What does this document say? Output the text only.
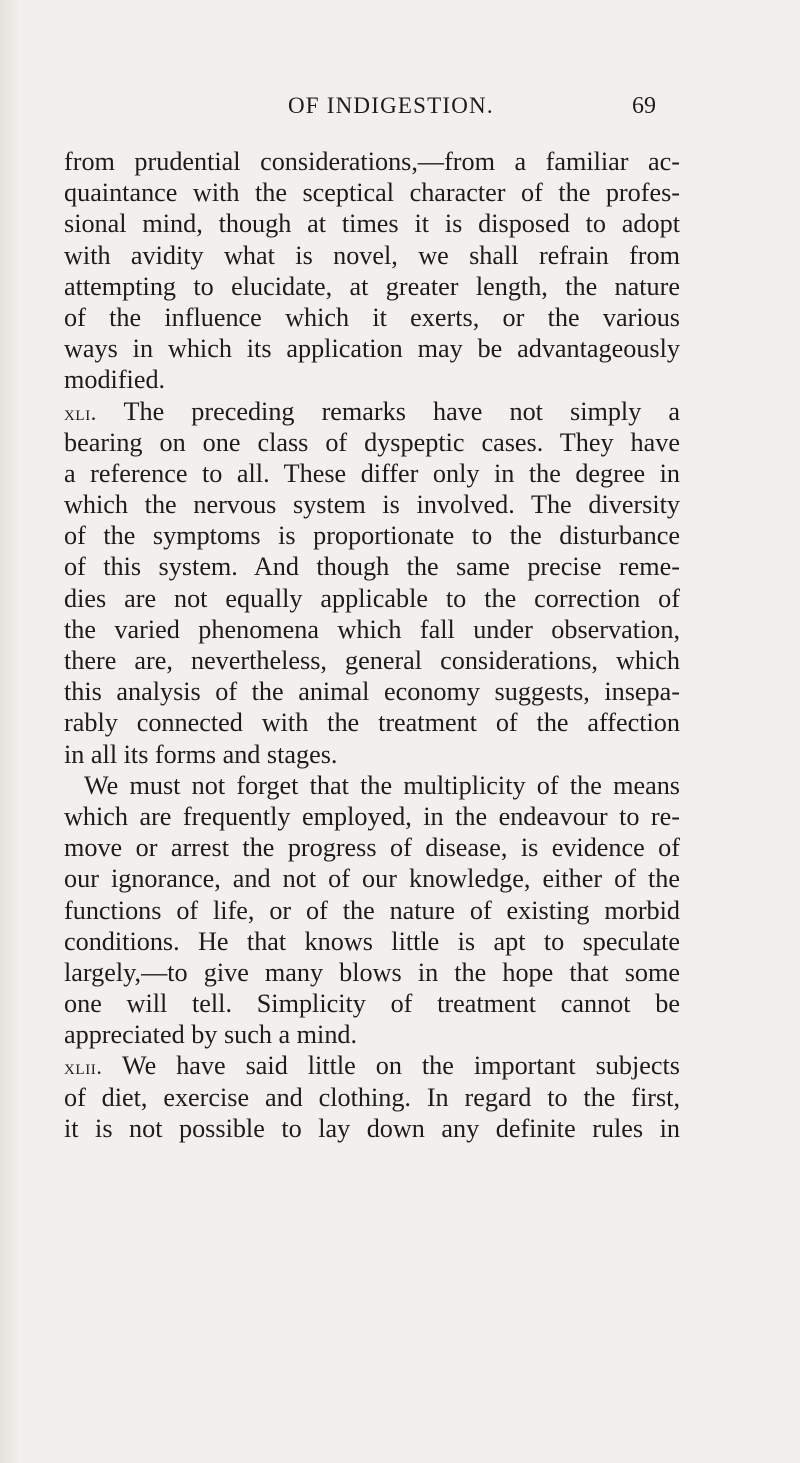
OF INDIGESTION.	69
from prudential considerations,—from a familiar ac-
quaintance with the sceptical character of the profes-
sional mind, though at times it is disposed to adopt
with avidity what is novel, we shall refrain from
attempting to elucidate, at greater length, the nature
of the influence which it exerts, or the various
ways in which its application may be advantageously
modified.
xli. The preceding remarks have not simply a
bearing on one class of dyspeptic cases. They have
a reference to all. These differ only in the degree in
which the nervous system is involved. The diversity
of the symptoms is proportionate to the disturbance
of this system. And though the same precise reme-
dies are not equally applicable to the correction of
the varied phenomena which fall under observation,
there are, nevertheless, general considerations, which
this analysis of the animal economy suggests, insepa-
rably connected with the treatment of the affection
in all its forms and stages.
We must not forget that the multiplicity of the means
which are frequently employed, in the endeavour to re-
move or arrest the progress of disease, is evidence of
our ignorance, and not of our knowledge, either of the
functions of life, or of the nature of existing morbid
conditions. He that knows little is apt to speculate
largely,—to give many blows in the hope that some
one will tell. Simplicity of treatment cannot be
appreciated by such a mind.
xlii. We have said little on the important subjects
of diet, exercise and clothing. In regard to the first,
it is not possible to lay down any definite rules in
